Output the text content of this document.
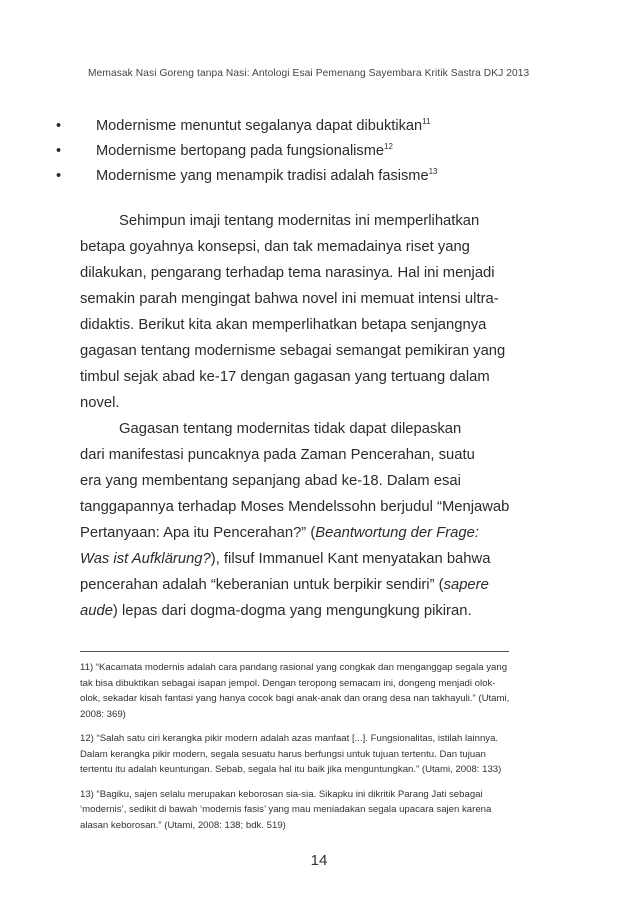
Memasak Nasi Goreng tanpa Nasi: Antologi Esai Pemenang Sayembara Kritik Sastra DKJ 2013
• Modernisme menuntut segalanya dapat dibuktikan$^{11}$
• Modernisme bertopang pada fungsionalisme$^{12}$
• Modernisme yang menampik tradisi adalah fasisme$^{13}$
Sehimpun imaji tentang modernitas ini memperlihatkan
betapa goyahnya konsepsi, dan tak memadainya riset yang
dilakukan, pengarang terhadap tema narasinya. Hal ini menjadi
semakin parah mengingat bahwa novel ini memuat intensi ultra-
didaktis. Berikut kita akan memperlihatkan betapa senjangnya
gagasan tentang modernisme sebagai semangat pemikiran yang
timbul sejak abad ke-17 dengan gagasan yang tertuang dalam
novel.
Gagasan tentang modernitas tidak dapat dilepaskan
dari manifestasi puncaknya pada Zaman Pencerahan, suatu
era yang membentang sepanjang abad ke-18. Dalam esai
tanggapannya terhadap Moses Mendelssohn berjudul “Menjawab
Pertanyaan: Apa itu Pencerahan?” (Beantwortung der Frage:
Was ist Aufklärung?), filsuf Immanuel Kant menyatakan bahwa
pencerahan adalah “keberanian untuk berpikir sendiri” (sapere
aude) lepas dari dogma-dogma yang mengungkung pikiran.
11) “Kacamata modernis adalah cara pandang rasional yang congkak dan menganggap segala yang
tak bisa dibuktikan sebagai isapan jempol. Dengan teropong semacam ini, dongeng menjadi olok-
olok, sekadar kisah fantasi yang hanya cocok bagi anak-anak dan orang desa nan takhayuli.” (Utami,
2008: 369)
12) “Salah satu ciri kerangka pikir modern adalah azas manfaat [...]. Fungsionalitas, istilah lainnya.
Dalam kerangka pikir modern, segala sesuatu harus berfungsi untuk tujuan tertentu. Dan tujuan
tertentu itu adalah keuntungan. Sebab, segala hal itu baik jika menguntungkan.” (Utami, 2008: 133)
13) “Bagiku, sajen selalu merupakan keborosan sia-sia. Sikapku ini dikritik Parang Jati sebagai
‘modernis’, sedikit di bawah ‘modernis fasis’ yang mau meniadakan segala upacara sajen karena
alasan keborosan.” (Utami, 2008: 138; bdk. 519)
14
